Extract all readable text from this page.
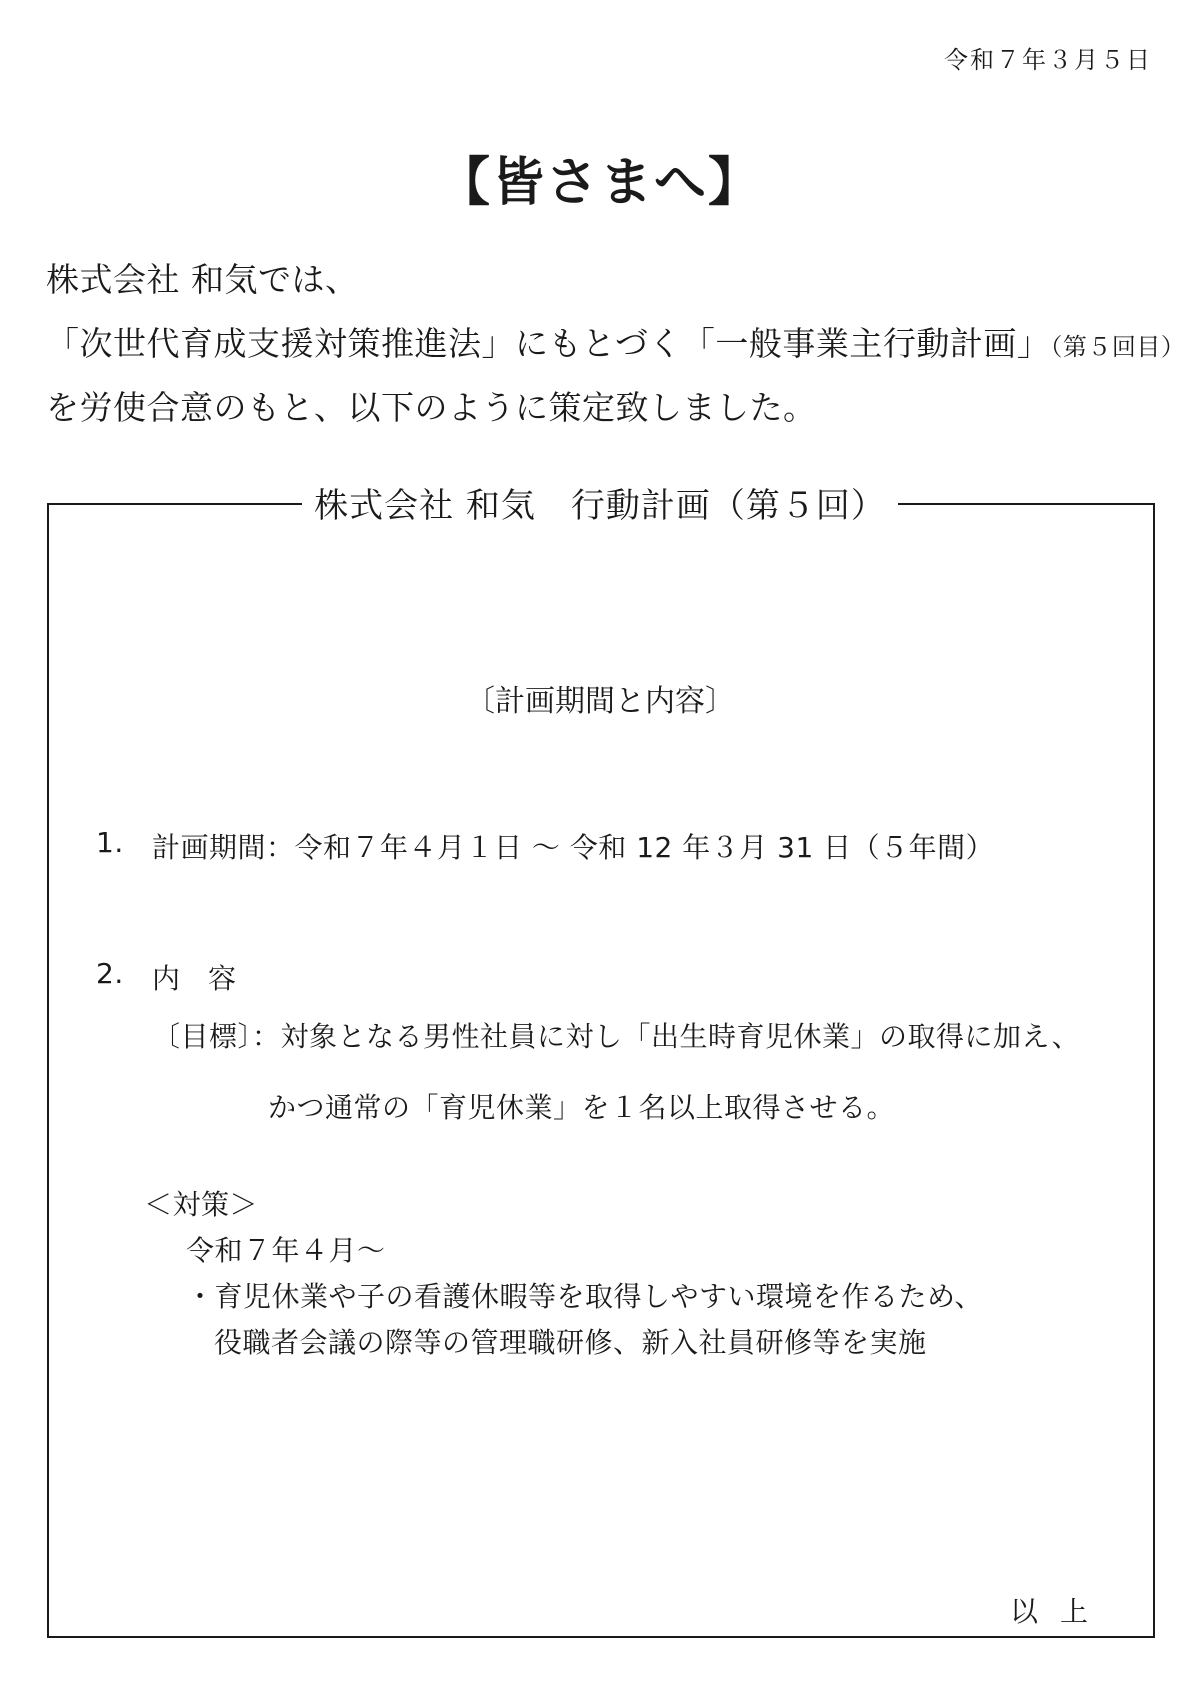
令和７年３月５日
【皆さまへ】
株式会社 和気では、
「次世代育成支援対策推進法」にもとづく「一般事業主行動計画」（第５回目）
を労使合意のもと、以下のように策定致しました。
株式会社 和気　行動計画（第５回）
〔計画期間と内容〕
1. 計画期間：令和７年４月１日 ～ 令和 12 年３月 31 日（５年間）
2. 内容
〔目標〕：対象となる男性社員に対し「出生時育児休業」の取得に加え、
かつ通常の「育児休業」を１名以上取得させる。
＜対策＞
令和７年４月～
・育児休業や子の看護休暇等を取得しやすい環境を作るため、
役職者会議の際等の管理職研修、新入社員研修等を実施
以上
